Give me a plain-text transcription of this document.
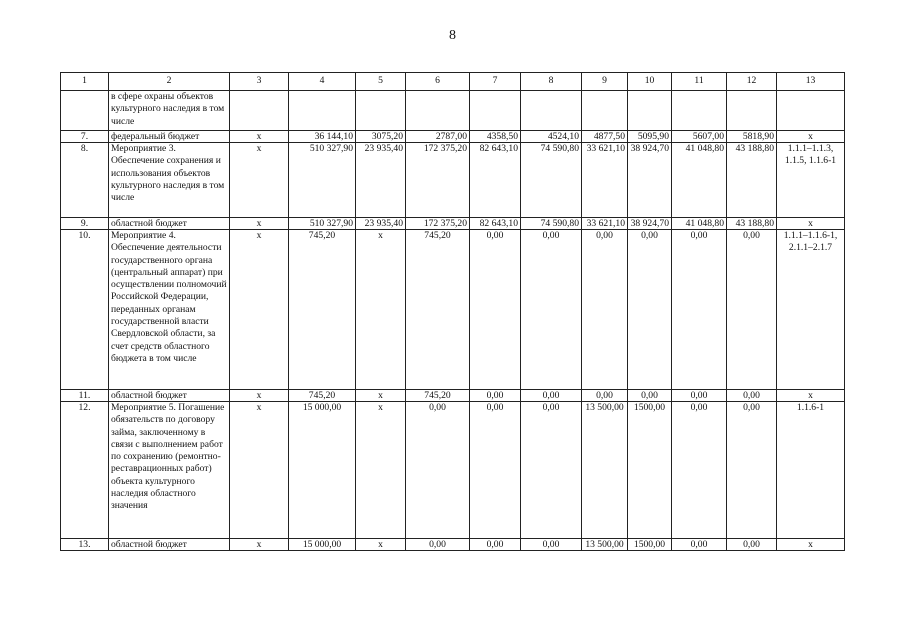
8
1	2	3	4	5	6	7	8	9	10	11	12	13
	в сфере охраны объектов культурного наследия в том числе											
7.	федеральный бюджет	х	36 144,10	3075,20	2787,00	4358,50	4524,10	4877,50	5095,90	5607,00	5818,90	х
8.	Мероприятие 3. Обеспечение сохранения и использования объектов культурного наследия в том числе	х	510 327,90	23 935,40	172 375,20	82 643,10	74 590,80	33 621,10	38 924,70	41 048,80	43 188,80	1.1.1–1.1.3, 1.1.5, 1.1.6-1
9.	областной бюджет	х	510 327,90	23 935,40	172 375,20	82 643,10	74 590,80	33 621,10	38 924,70	41 048,80	43 188,80	х
10.	Мероприятие 4. Обеспечение деятельности государственного органа (центральный аппарат) при осуществлении полномочий Российской Федерации, переданных органам государственной власти Свердловской области, за счет средств областного бюджета в том числе	х	745,20	х	745,20	0,00	0,00	0,00	0,00	0,00	0,00	1.1.1–1.1.6-1, 2.1.1–2.1.7
11.	областной бюджет	х	745,20	х	745,20	0,00	0,00	0,00	0,00	0,00	0,00	х
12.	Мероприятие 5. Погашение обязательств по договору займа, заключенному в связи с выполнением работ по сохранению (ремонтно-реставрационных работ) объекта культурного наследия областного значения	х	15 000,00	х	0,00	0,00	0,00	13 500,00	1500,00	0,00	0,00	1.1.6-1
13.	областной бюджет	х	15 000,00	х	0,00	0,00	0,00	13 500,00	1500,00	0,00	0,00	х
